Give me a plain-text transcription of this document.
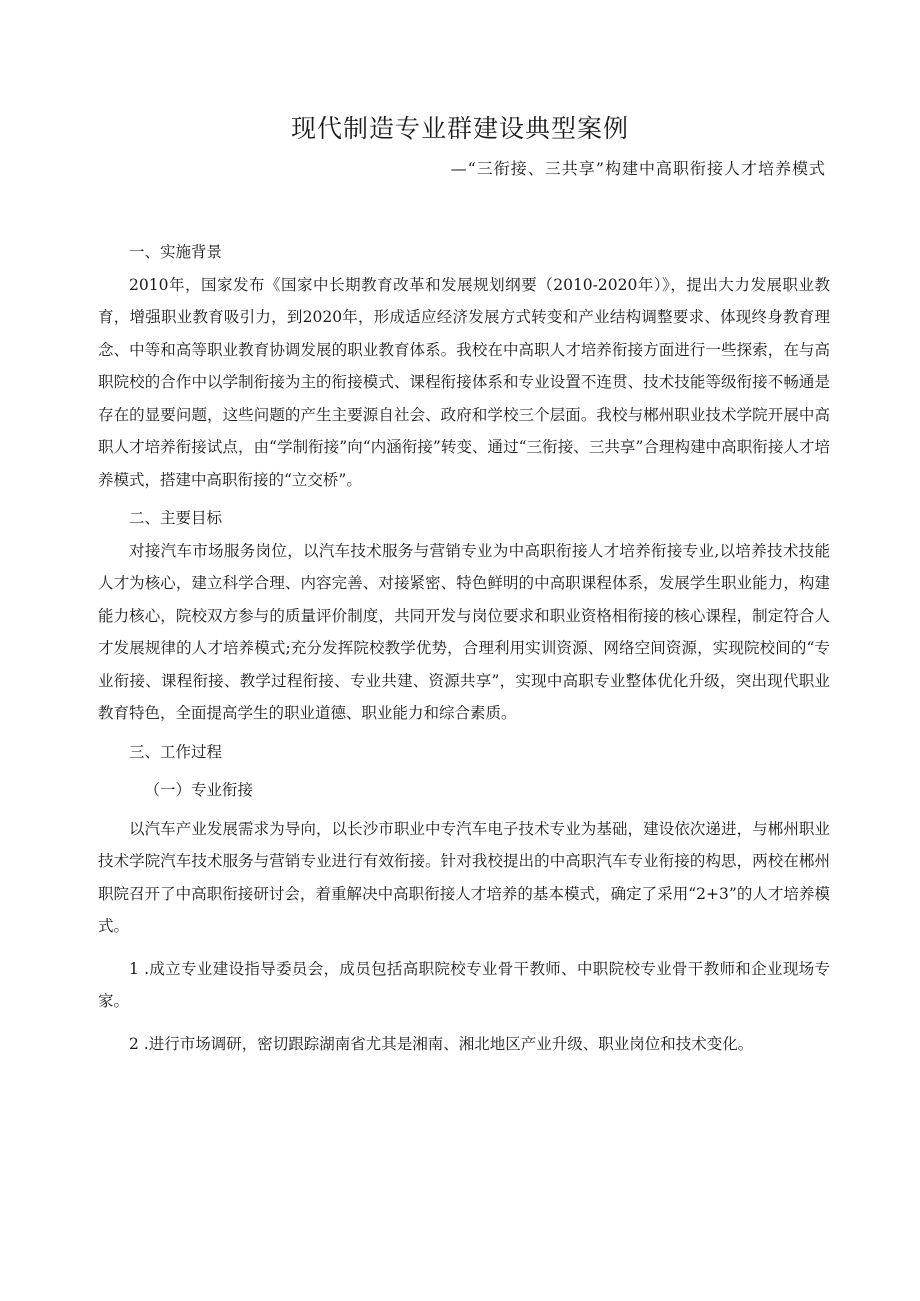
现代制造专业群建设典型案例
—“三衔接、三共享”构建中高职衔接人才培养模式
一、实施背景

2010年，国家发布《国家中长期教育改革和发展规划纲要（2010-2020年）》，提出大力发展职业教育，增强职业教育吸引力，到2020年，形成适应经济发展方式转变和产业结构调整要求、体现终身教育理念、中等和高等职业教育协调发展的职业教育体系。我校在中高职人才培养衔接方面进行一些探索，在与高职院校的合作中以学制衔接为主的衔接模式、课程衔接体系和专业设置不连贯、技术技能等级衔接不畅通是存在的显要问题，这些问题的产生主要源自社会、政府和学校三个层面。我校与郴州职业技术学院开展中高职人才培养衔接试点，由“学制衔接”向“内涵衔接”转变、通过“三衔接、三共享”合理构建中高职衔接人才培养模式，搭建中高职衔接的“立交桥”。

二、主要目标

对接汽车市场服务岗位，以汽车技术服务与营销专业为中高职衔接人才培养衔接专业,以培养技术技能人才为核心，建立科学合理、内容完善、对接紧密、特色鲜明的中高职课程体系，发展学生职业能力，构建能力核心，院校双方参与的质量评价制度，共同开发与岗位要求和职业资格相衔接的核心课程，制定符合人才发展规律的人才培养模式;充分发挥院校教学优势，合理利用实训资源、网络空间资源，实现院校间的“专业衔接、课程衔接、教学过程衔接、专业共建、资源共享”，实现中高职专业整体优化升级，突出现代职业教育特色，全面提高学生的职业道德、职业能力和综合素质。

三、工作过程
（一）专业衔接

以汽车产业发展需求为导向，以长沙市职业中专汽车电子技术专业为基础，建设依次递进，与郴州职业技术学院汽车技术服务与营销专业进行有效衔接。针对我校提出的中高职汽车专业衔接的构思，两校在郴州职院召开了中高职衔接研讨会，着重解决中高职衔接人才培养的基本模式，确定了采用“2+3”的人才培养模式。

1 .成立专业建设指导委员会，成员包括高职院校专业骨干教师、中职院校专业骨干教师和企业现场专家。

2 .进行市场调研，密切跟踪湖南省尤其是湘南、湘北地区产业升级、职业岗位和技术变化。
